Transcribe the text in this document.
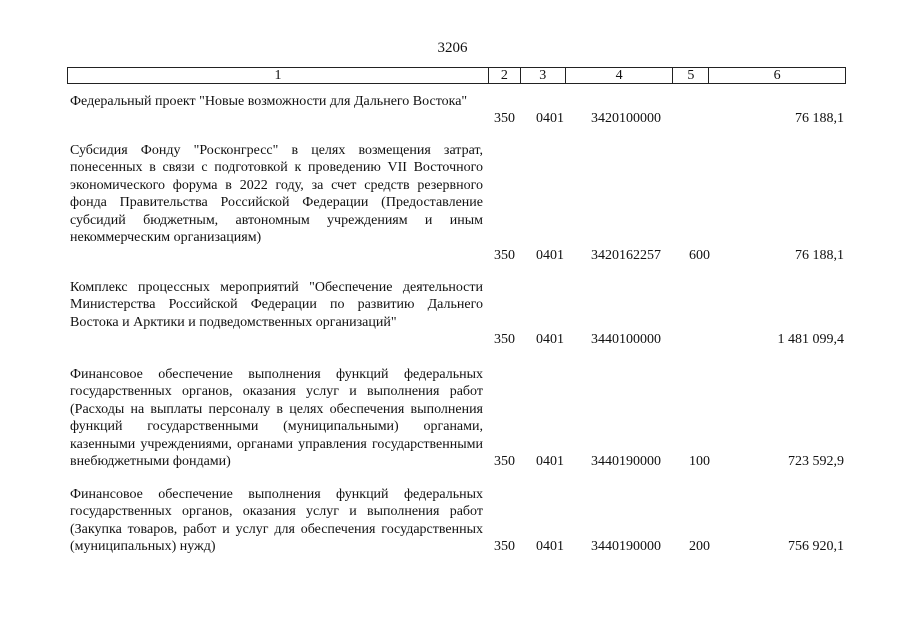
3206
1	2	3	4	5	6
Федеральный проект "Новые возможности для Дальнего Востока"
350 0401 3420100000	76 188,1
Субсидия Фонду "Росконгресс" в целях возмещения затрат, понесенных в связи с подготовкой к проведению VII Восточного экономического форума в 2022 году, за счет средств резервного фонда Правительства Российской Федерации (Предоставление субсидий бюджетным, автономным учреждениям и иным некоммерческим организациям)
350 0401 3420162257 600	76 188,1
Комплекс процессных мероприятий "Обеспечение деятельности Министерства Российской Федерации по развитию Дальнего Востока и Арктики и подведомственных организаций"
350 0401 3440100000	1 481 099,4
Финансовое обеспечение выполнения функций федеральных государственных органов, оказания услуг и выполнения работ (Расходы на выплаты персоналу в целях обеспечения выполнения функций государственными (муниципальными) органами, казенными учреждениями, органами управления государственными внебюджетными фондами)	350 0401 3440190000 100	723 592,9
Финансовое обеспечение выполнения функций федеральных государственных органов, оказания услуг и выполнения работ (Закупка товаров, работ и услуг для обеспечения государственных (муниципальных) нужд)	350 0401 3440190000 200	756 920,1
